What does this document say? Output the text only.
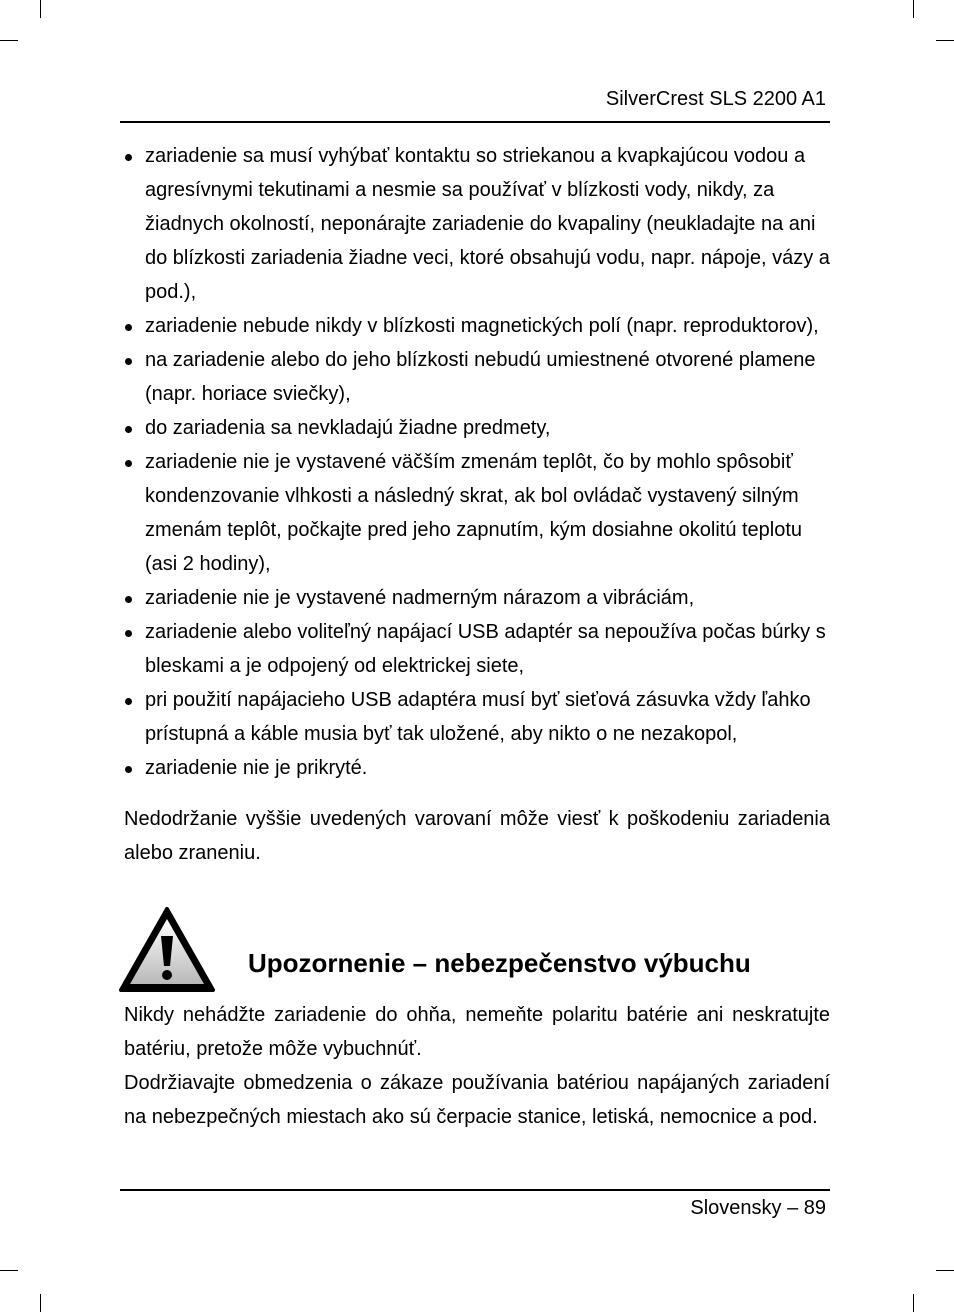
SilverCrest SLS 2200 A1
zariadenie sa musí vyhýbať kontaktu so striekanou a kvapkajúcou vodou a agresívnymi tekutinami a nesmie sa používať v blízkosti vody, nikdy, za žiadnych okolností, neponárajte zariadenie do kvapaliny (neukladajte na ani do blízkosti zariadenia žiadne veci, ktoré obsahujú vodu, napr. nápoje, vázy a pod.),
zariadenie nebude nikdy v blízkosti magnetických polí (napr. reproduktorov),
na zariadenie alebo do jeho blízkosti nebudú umiestnené otvorené plamene (napr. horiace sviečky),
do zariadenia sa nevkladajú žiadne predmety,
zariadenie nie je vystavené väčším zmenám teplôt, čo by mohlo spôsobiť kondenzovanie vlhkosti a následný skrat, ak bol ovládač vystavený silným zmenám teplôt, počkajte pred jeho zapnutím, kým dosiahne okolitú teplotu (asi 2 hodiny),
zariadenie nie je vystavené nadmerným nárazom a vibráciám,
zariadenie alebo voliteľný napájací USB adaptér sa nepoužíva počas búrky s bleskami a je odpojený od elektrickej siete,
pri použití napájacieho USB adaptéra musí byť sieťová zásuvka vždy ľahko prístupná a káble musia byť tak uložené, aby nikto o ne nezakopol,
zariadenie nie je prikryté.

Nedodržanie vyššie uvedených varovaní môže viesť k poškodeniu zariadenia alebo zraneniu.

Upozornenie – nebezpečenstvo výbuchu

Nikdy nehádžte zariadenie do ohňa, nemeňte polaritu batérie ani neskratujte batériu, pretože môže vybuchnúť.

Dodržiavajte obmedzenia o zákaze používania batériou napájaných zariadení na nebezpečných miestach ako sú čerpacie stanice, letiská, nemocnice a pod.

Slovensky – 89
